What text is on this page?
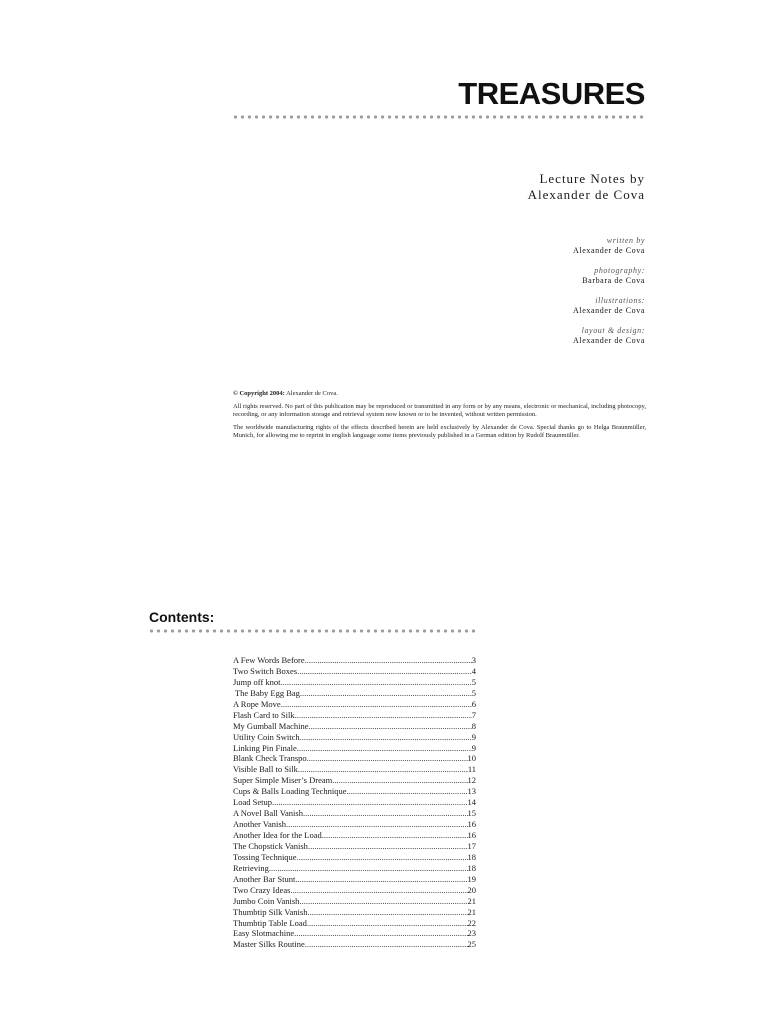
TREASURES
Lecture Notes by
Alexander de Cova
written by
Alexander de Cova
photography:
Barbara de Cova
illustrations:
Alexander de Cova
layout & design:
Alexander de Cova

© Copyright 2004: Alexander de Cova.

All rights reserved. No part of this publication may be reproduced or transmitted in any form or by any means, electronic or mechanical, including photocopy, recording, or any information storage and retrieval system now known or to be invented, without written permission.

The worldwide manufacturing rights of the effects described herein are held exclusively by Alexander de Cova. Special thanks go to Helga Braunmüller, Munich, for allowing me to reprint in english language some items previously published in a German edition by Rudolf Braunmüller.

Contents:
A Few Words Before .....	3
Two Switch Boxes .....	4
Jump off knot .....	5
The Baby Egg Bag .....	5
A Rope Move .....	6
Flash Card to Silk .....	7
My Gumball Machine .....	8
Utility Coin Switch .....	9
Linking Pin Finale .....	9
Blank Check Transpo .....	10
Visible Ball to Silk .....	11
Super Simple Miser’s Dream .....	12
Cups & Balls Loading Technique .....	13
Load Setup .....	14
A Novel Ball Vanish .....	15
Another Vanish .....	16
Another Idea for the Load .....	16
The Chopstick Vanish .....	17
Tossing Technique .....	18
Retrieving .....	18
Another Bar Stunt .....	19
Two Crazy Ideas .....	20
Jumbo Coin Vanish .....	21
Thumbtip Silk Vanish .....	21
Thumbtip Table Load .....	22
Easy Slotmachine .....	23
Master Silks Routine .....	25
